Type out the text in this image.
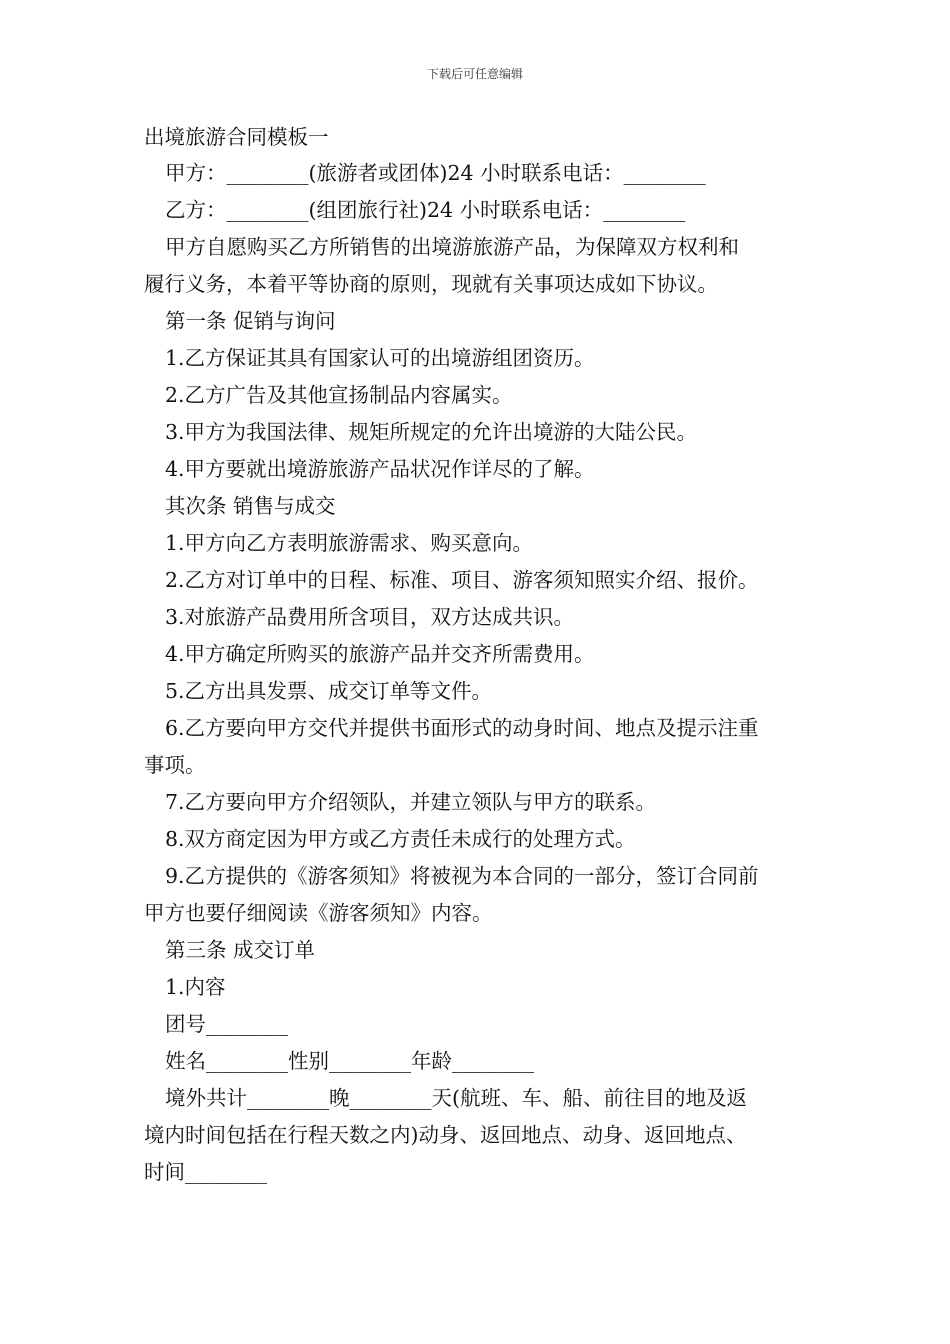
下载后可任意编辑
出境旅游合同模板一
甲方：________(旅游者或团体)24 小时联系电话：________
乙方：________(组团旅行社)24 小时联系电话：________
甲方自愿购买乙方所销售的出境游旅游产品，为保障双方权利和
履行义务，本着平等协商的原则，现就有关事项达成如下协议。
第一条 促销与询问
1.乙方保证其具有国家认可的出境游组团资历。
2.乙方广告及其他宣扬制品内容属实。
3.甲方为我国法律、规矩所规定的允许出境游的大陆公民。
4.甲方要就出境游旅游产品状况作详尽的了解。
其次条 销售与成交
1.甲方向乙方表明旅游需求、购买意向。
2.乙方对订单中的日程、标准、项目、游客须知照实介绍、报价。
3.对旅游产品费用所含项目，双方达成共识。
4.甲方确定所购买的旅游产品并交齐所需费用。
5.乙方出具发票、成交订单等文件。
6.乙方要向甲方交代并提供书面形式的动身时间、地点及提示注重
事项。
7.乙方要向甲方介绍领队，并建立领队与甲方的联系。
8.双方商定因为甲方或乙方责任未成行的处理方式。
9.乙方提供的《游客须知》将被视为本合同的一部分，签订合同前
甲方也要仔细阅读《游客须知》内容。
第三条 成交订单
1.内容
团号________
姓名________性别________年龄________
境外共计________晚________天(航班、车、船、前往目的地及返
境内时间包括在行程天数之内)动身、返回地点、动身、返回地点、
时间________
